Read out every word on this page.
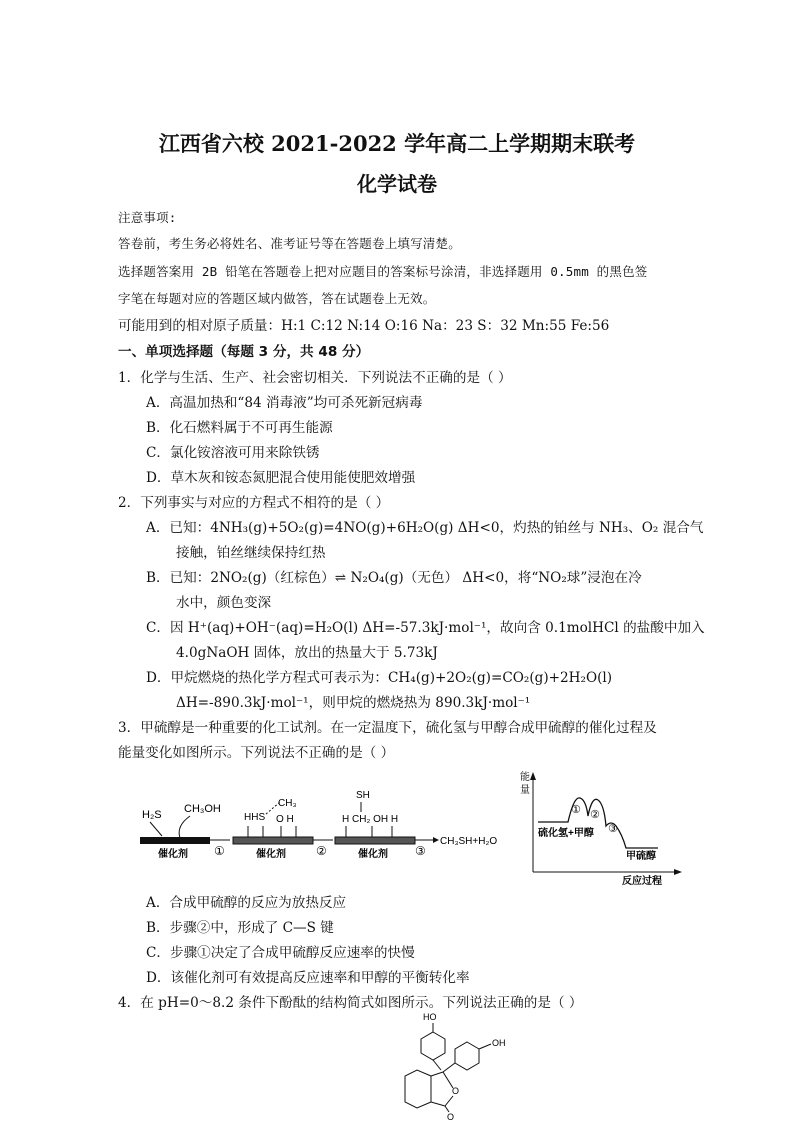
江西省六校 2021-2022 学年高二上学期期末联考
化学试卷
注意事项:
答卷前，考生务必将姓名、准考证号等在答题卷上填写清楚。
选择题答案用 2B 铅笔在答题卷上把对应题目的答案标号涂清，非选择题用 0.5mm 的黑色签
字笔在每题对应的答题区域内做答，答在试题卷上无效。
可能用到的相对原子质量：H:1 C:12 N:14 O:16 Na：23 S：32 Mn:55 Fe:56
一、单项选择题（每题 3 分，共 48 分）
1．化学与生活、生产、社会密切相关．下列说法不正确的是（ ）
A．高温加热和“84 消毒液”均可杀死新冠病毒
B．化石燃料属于不可再生能源
C．氯化铵溶液可用来除铁锈
D．草木灰和铵态氮肥混合使用能使肥效增强
2．下列事实与对应的方程式不相符的是（ ）
A．已知：4NH₃(g)+5O₂(g)=4NO(g)+6H₂O(g) ΔH<0，灼热的铂丝与 NH₃、O₂ 混合气
接触，铂丝继续保持红热
B．已知：2NO₂(g)（红棕色）⇌ N₂O₄(g)（无色） ΔH<0，将“NO₂球”浸泡在冷
水中，颜色变深
C．因 H⁺(aq)+OH⁻(aq)=H₂O(l) ΔH=-57.3kJ·mol⁻¹，故向含 0.1molHCl 的盐酸中加入
4.0gNaOH 固体，放出的热量大于 5.73kJ
D．甲烷燃烧的热化学方程式可表示为：CH₄(g)+2O₂(g)=CO₂(g)+2H₂O(l)
ΔH=-890.3kJ·mol⁻¹，则甲烷的燃烧热为 890.3kJ·mol⁻¹
3．甲硫醇是一种重要的化工试剂。在一定温度下，硫化氢与甲醇合成甲硫醇的催化过程及
能量变化如图所示。下列说法不正确的是（ ）
H₂S CH₃OH
催化剂 ①
HHS
CH₃
O H
催化剂	②
SH
H CH₂ OH H
催化剂 ③
CH₃SH+H₂O
能
量
① ②
③
硫化氢+甲醇
甲硫醇
反应过程
A．合成甲硫醇的反应为放热反应
B．步骤②中，形成了 C—S 键
C．步骤①决定了合成甲硫醇反应速率的快慢
D．该催化剂可有效提高反应速率和甲醇的平衡转化率
4．在 pH=0～8.2 条件下酚酞的结构简式如图所示。下列说法正确的是（ ）
HO
OH
O
O
